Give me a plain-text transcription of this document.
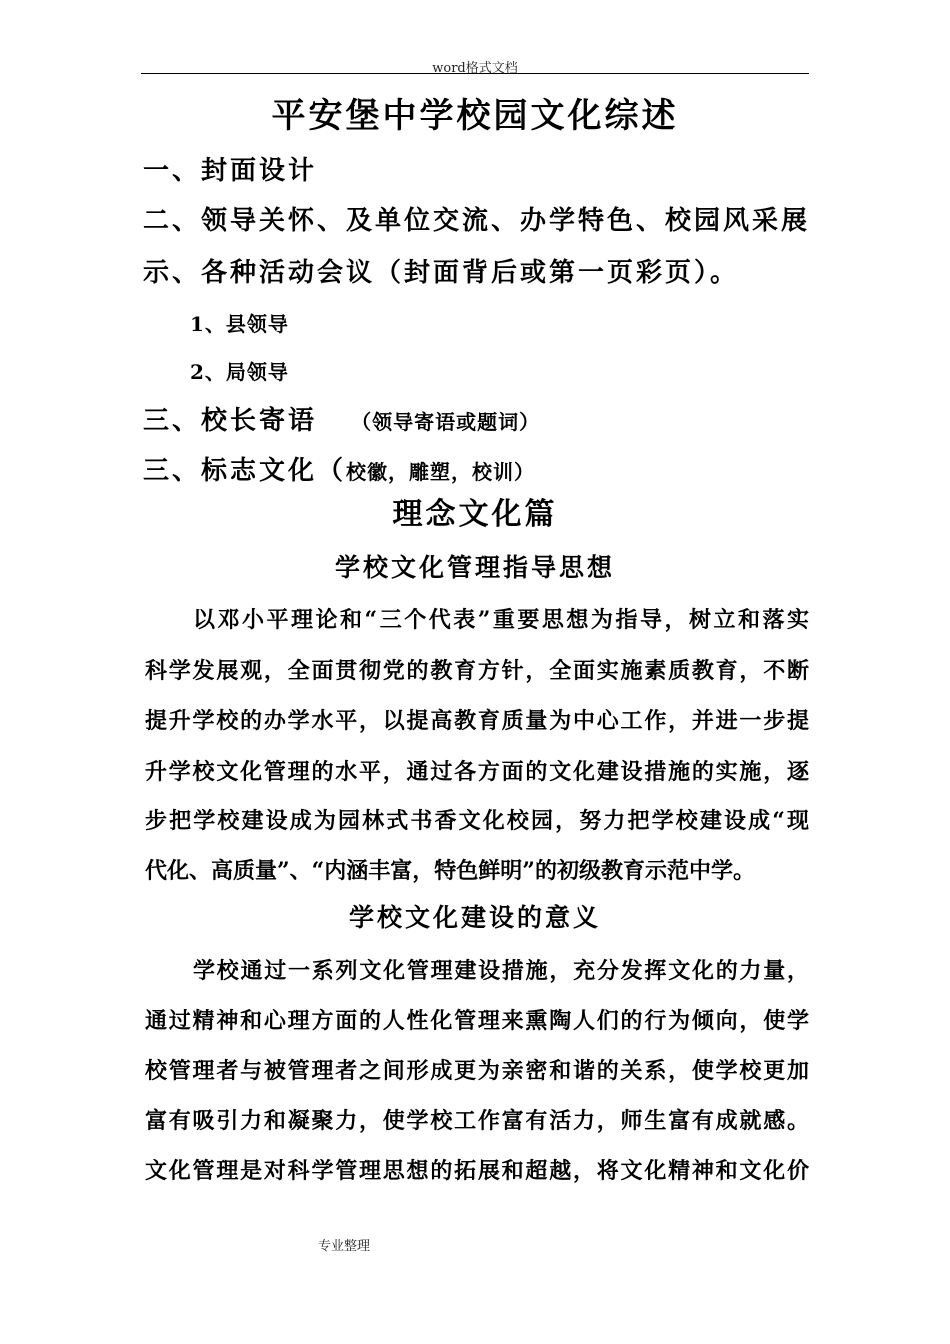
word格式文档
平安堡中学校园文化综述
一、封面设计
二、领导关怀、及单位交流、办学特色、校园风采展
示、各种活动会议（封面背后或第一页彩页）。
1、县领导
2、局领导
三、校长寄语 （领导寄语或题词）
三、标志文化（校徽，雕塑，校训）
理念文化篇
学校文化管理指导思想
以邓小平理论和“三个代表”重要思想为指导，树立和落实
科学发展观，全面贯彻党的教育方针，全面实施素质教育，不断
提升学校的办学水平，以提高教育质量为中心工作，并进一步提
升学校文化管理的水平，通过各方面的文化建设措施的实施，逐
步把学校建设成为园林式书香文化校园，努力把学校建设成“现
代化、高质量”、“内涵丰富，特色鲜明”的初级教育示范中学。
学校文化建设的意义
学校通过一系列文化管理建设措施，充分发挥文化的力量，
通过精神和心理方面的人性化管理来熏陶人们的行为倾向，使学
校管理者与被管理者之间形成更为亲密和谐的关系，使学校更加
富有吸引力和凝聚力，使学校工作富有活力，师生富有成就感。
文化管理是对科学管理思想的拓展和超越，将文化精神和文化价
专业整理
